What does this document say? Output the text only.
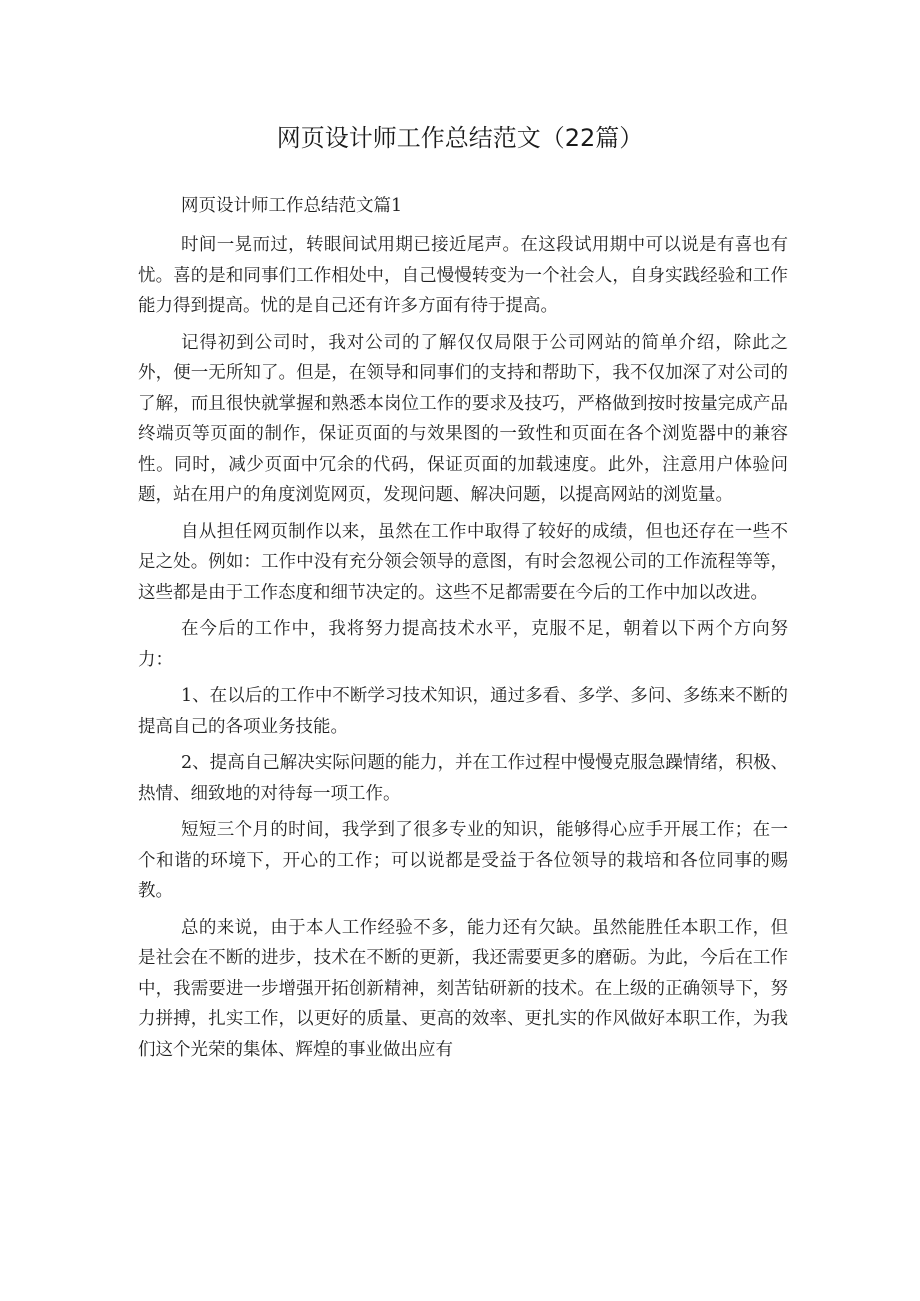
网页设计师工作总结范文（22篇）

网页设计师工作总结范文篇1

时间一晃而过，转眼间试用期已接近尾声。在这段试用期中可以说是有喜也有忧。喜的是和同事们工作相处中，自己慢慢转变为一个社会人，自身实践经验和工作能力得到提高。忧的是自己还有许多方面有待于提高。

记得初到公司时，我对公司的了解仅仅局限于公司网站的简单介绍，除此之外，便一无所知了。但是，在领导和同事们的支持和帮助下，我不仅加深了对公司的了解，而且很快就掌握和熟悉本岗位工作的要求及技巧，严格做到按时按量完成产品终端页等页面的制作，保证页面的与效果图的一致性和页面在各个浏览器中的兼容性。同时，减少页面中冗余的代码，保证页面的加载速度。此外，注意用户体验问题，站在用户的角度浏览网页，发现问题、解决问题，以提高网站的浏览量。

自从担任网页制作以来，虽然在工作中取得了较好的成绩，但也还存在一些不足之处。例如：工作中没有充分领会领导的意图，有时会忽视公司的工作流程等等，这些都是由于工作态度和细节决定的。这些不足都需要在今后的工作中加以改进。

在今后的工作中，我将努力提高技术水平，克服不足，朝着以下两个方向努力：

1、在以后的工作中不断学习技术知识，通过多看、多学、多问、多练来不断的提高自己的各项业务技能。

2、提高自己解决实际问题的能力，并在工作过程中慢慢克服急躁情绪，积极、热情、细致地的对待每一项工作。

短短三个月的时间，我学到了很多专业的知识，能够得心应手开展工作；在一个和谐的环境下，开心的工作；可以说都是受益于各位领导的栽培和各位同事的赐教。

总的来说，由于本人工作经验不多，能力还有欠缺。虽然能胜任本职工作，但是社会在不断的进步，技术在不断的更新，我还需要更多的磨砺。为此，今后在工作中，我需要进一步增强开拓创新精神，刻苦钻研新的技术。在上级的正确领导下，努力拼搏，扎实工作，以更好的质量、更高的效率、更扎实的作风做好本职工作，为我们这个光荣的集体、辉煌的事业做出应有
